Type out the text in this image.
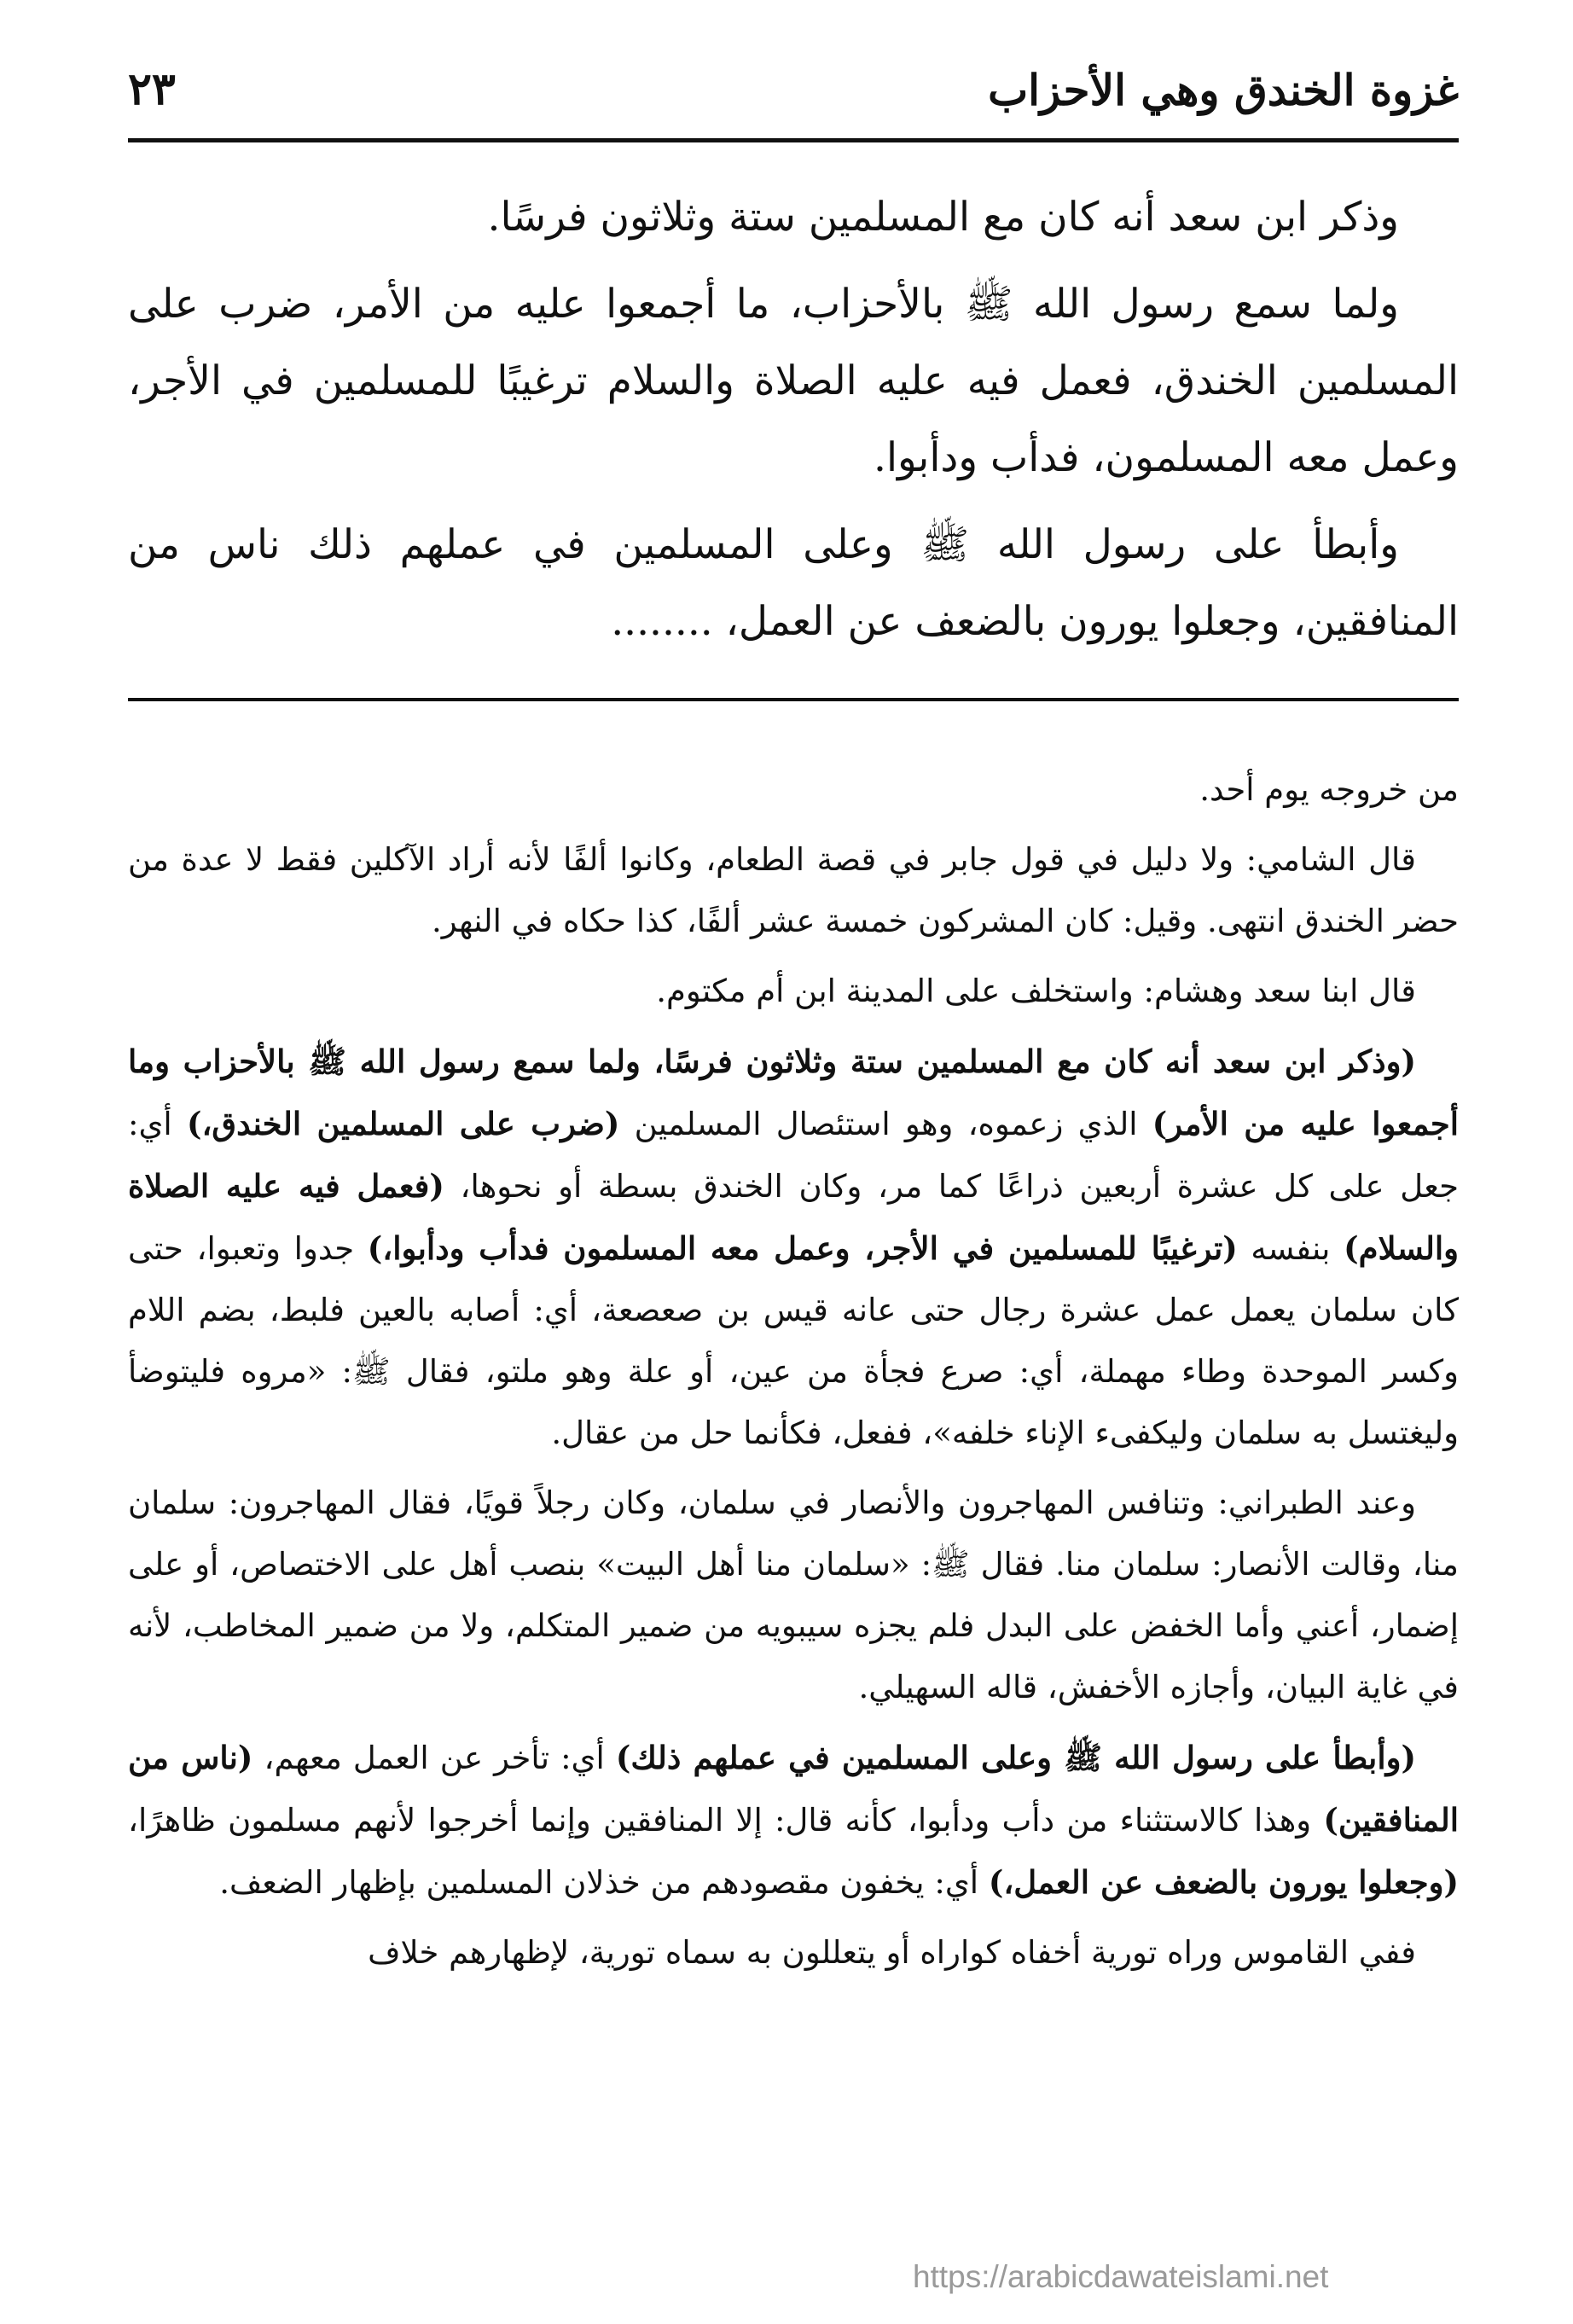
غزوة الخندق وهي الأحزاب
٢٣

وذكر ابن سعد أنه كان مع المسلمين ستة وثلاثون فرسًا.

ولما سمع رسول الله ﷺ بالأحزاب، ما أجمعوا عليه من الأمر، ضرب على المسلمين الخندق، فعمل فيه عليه الصلاة والسلام ترغيبًا للمسلمين في الأجر، وعمل معه المسلمون، فدأب ودأبوا.

وأبطأ على رسول الله ﷺ وعلى المسلمين في عملهم ذلك ناس من المنافقين، وجعلوا يورون بالضعف عن العمل، ........

من خروجه يوم أحد.

قال الشامي: ولا دليل في قول جابر في قصة الطعام، وكانوا ألفًا لأنه أراد الآكلين فقط لا عدة من حضر الخندق انتهى. وقيل: كان المشركون خمسة عشر ألفًا، كذا حكاه في النهر.

قال ابنا سعد وهشام: واستخلف على المدينة ابن أم مكتوم.

(وذكر ابن سعد أنه كان مع المسلمين ستة وثلاثون فرسًا، ولما سمع رسول الله ﷺ بالأحزاب وما أجمعوا عليه من الأمر) الذي زعموه، وهو استئصال المسلمين (ضرب على المسلمين الخندق،) أي: جعل على كل عشرة أربعين ذراعًا كما مر، وكان الخندق بسطة أو نحوها، (فعمل فيه عليه الصلاة والسلام) بنفسه (ترغيبًا للمسلمين في الأجر، وعمل معه المسلمون فدأب ودأبوا،) جدوا وتعبوا، حتى كان سلمان يعمل عمل عشرة رجال حتى عانه قيس بن صعصعة، أي: أصابه بالعين فلبط، بضم اللام وكسر الموحدة وطاء مهملة، أي: صرع فجأة من عين، أو علة وهو ملتو، فقال ﷺ: «مروه فليتوضأ وليغتسل به سلمان وليكفىء الإناء خلفه»، ففعل، فكأنما حل من عقال.

وعند الطبراني: وتنافس المهاجرون والأنصار في سلمان، وكان رجلاً قويًا، فقال المهاجرون: سلمان منا، وقالت الأنصار: سلمان منا. فقال ﷺ: «سلمان منا أهل البيت» بنصب أهل على الاختصاص، أو على إضمار، أعني وأما الخفض على البدل فلم يجزه سيبويه من ضمير المتكلم، ولا من ضمير المخاطب، لأنه في غاية البيان، وأجازه الأخفش، قاله السهيلي.

(وأبطأ على رسول الله ﷺ وعلى المسلمين في عملهم ذلك) أي: تأخر عن العمل معهم، (ناس من المنافقين) وهذا كالاستثناء من دأب ودأبوا، كأنه قال: إلا المنافقين وإنما أخرجوا لأنهم مسلمون ظاهرًا، (وجعلوا يورون بالضعف عن العمل،) أي: يخفون مقصودهم من خذلان المسلمين بإظهار الضعف.

ففي القاموس وراه تورية أخفاه كواراه أو يتعللون به سماه تورية، لإظهارهم خلاف

https://arabicdawateislami.net
